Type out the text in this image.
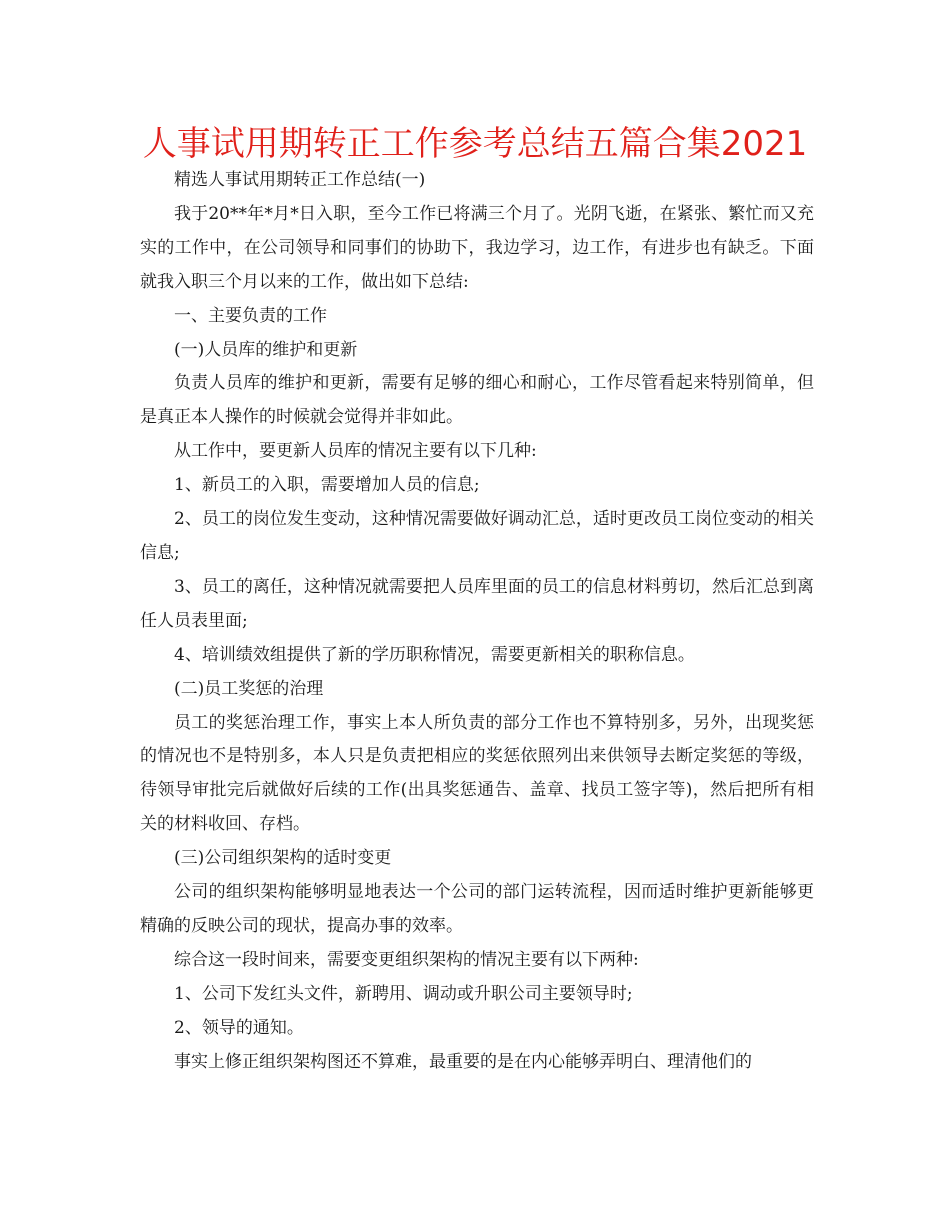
人事试用期转正工作参考总结五篇合集2021

精选人事试用期转正工作总结(一)

我于20**年*月*日入职，至今工作已将满三个月了。光阴飞逝，在紧张、繁忙而又充实的工作中，在公司领导和同事们的协助下，我边学习，边工作，有进步也有缺乏。下面就我入职三个月以来的工作，做出如下总结:

一、主要负责的工作

(一)人员库的维护和更新

负责人员库的维护和更新，需要有足够的细心和耐心，工作尽管看起来特别简单，但是真正本人操作的时候就会觉得并非如此。

从工作中，要更新人员库的情况主要有以下几种:

1、新员工的入职，需要增加人员的信息;

2、员工的岗位发生变动，这种情况需要做好调动汇总，适时更改员工岗位变动的相关信息;

3、员工的离任，这种情况就需要把人员库里面的员工的信息材料剪切，然后汇总到离任人员表里面;

4、培训绩效组提供了新的学历职称情况，需要更新相关的职称信息。

(二)员工奖惩的治理

员工的奖惩治理工作，事实上本人所负责的部分工作也不算特别多，另外，出现奖惩的情况也不是特别多，本人只是负责把相应的奖惩依照列出来供领导去断定奖惩的等级，待领导审批完后就做好后续的工作(出具奖惩通告、盖章、找员工签字等)，然后把所有相关的材料收回、存档。

(三)公司组织架构的适时变更

公司的组织架构能够明显地表达一个公司的部门运转流程，因而适时维护更新能够更精确的反映公司的现状，提高办事的效率。

综合这一段时间来，需要变更组织架构的情况主要有以下两种:

1、公司下发红头文件，新聘用、调动或升职公司主要领导时;

2、领导的通知。

事实上修正组织架构图还不算难，最重要的是在内心能够弄明白、理清他们的
